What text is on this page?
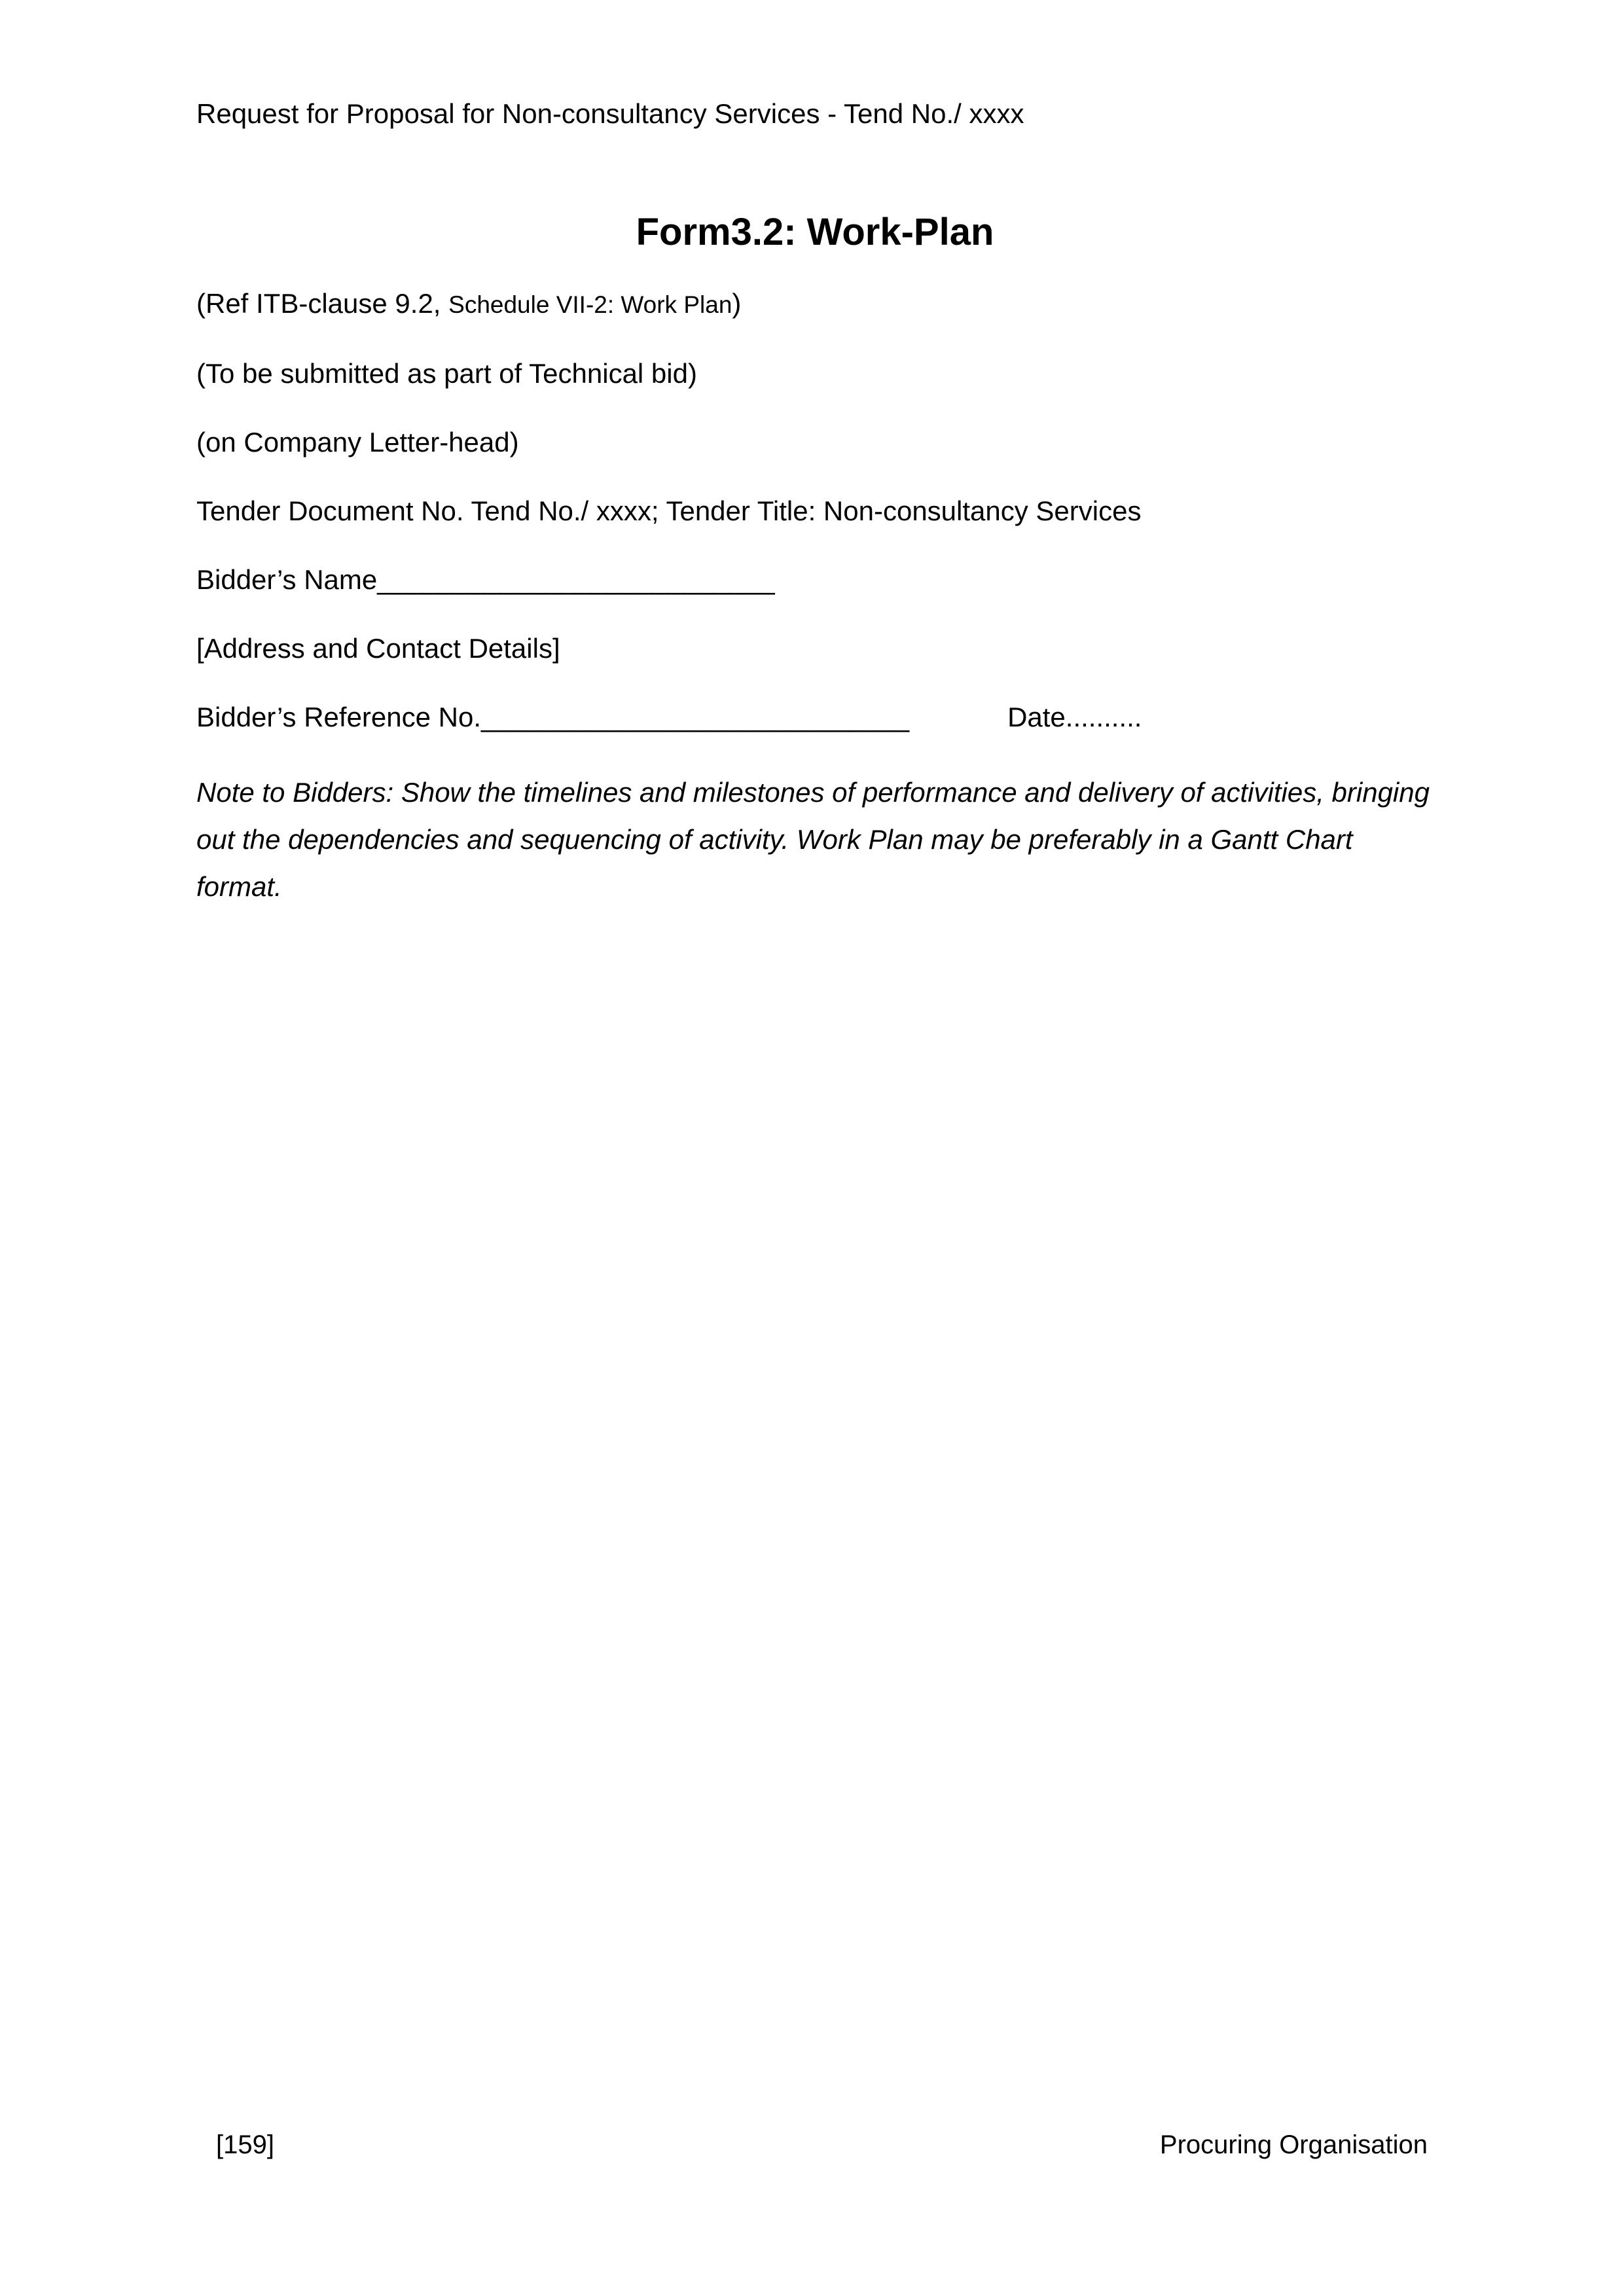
Request for Proposal for Non-consultancy Services - Tend No./ xxxx
Form3.2: Work-Plan

(Ref ITB-clause 9.2, Schedule VII-2: Work Plan)

(To be submitted as part of Technical bid)

(on Company Letter-head)

Tender Document No. Tend No./ xxxx; Tender Title: Non-consultancy Services

Bidder’s Name__________________________

[Address and Contact Details]

Bidder’s Reference No.____________________________	Date..........

Note to Bidders: Show the timelines and milestones of performance and delivery of activities, bringing out the dependencies and sequencing of activity. Work Plan may be preferably in a Gantt Chart format.

[159]	Procuring Organisation
